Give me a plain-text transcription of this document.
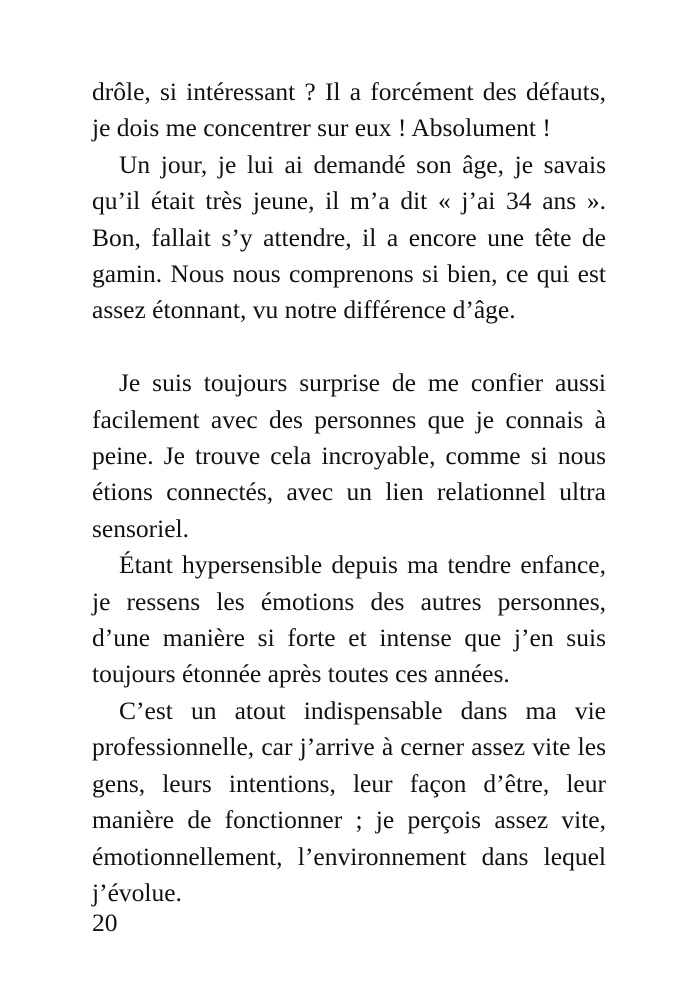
drôle, si intéressant ? Il a forcément des défauts, je dois me concentrer sur eux ! Absolument !

Un jour, je lui ai demandé son âge, je savais qu’il était très jeune, il m’a dit « j’ai 34 ans ». Bon, fallait s’y attendre, il a encore une tête de gamin. Nous nous comprenons si bien, ce qui est assez étonnant, vu notre différence d’âge.

Je suis toujours surprise de me confier aussi facilement avec des personnes que je connais à peine. Je trouve cela incroyable, comme si nous étions connectés, avec un lien relationnel ultra sensoriel.

Étant hypersensible depuis ma tendre enfance, je ressens les émotions des autres personnes, d’une manière si forte et intense que j’en suis toujours étonnée après toutes ces années.

C’est un atout indispensable dans ma vie professionnelle, car j’arrive à cerner assez vite les gens, leurs intentions, leur façon d’être, leur manière de fonctionner ; je perçois assez vite, émotionnellement, l’environnement dans lequel j’évolue.

20
